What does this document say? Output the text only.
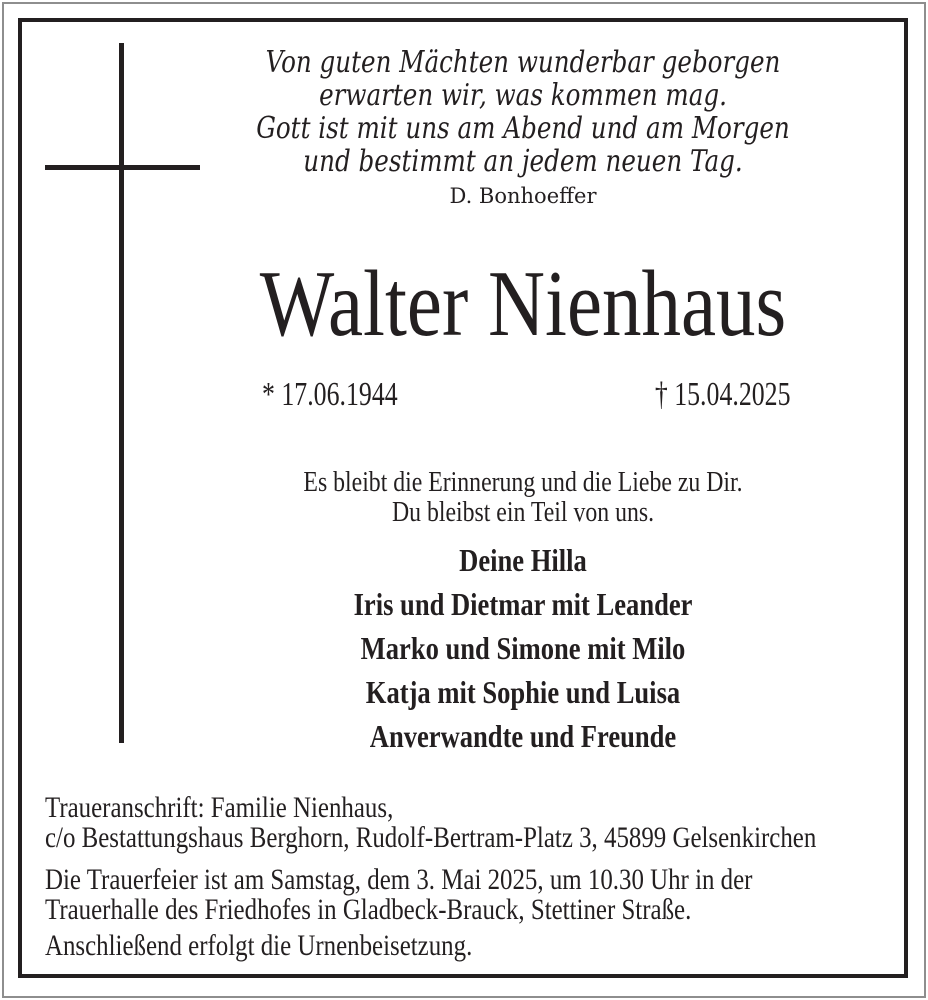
Von guten Mächten wunderbar geborgen
erwarten wir, was kommen mag.
Gott ist mit uns am Abend und am Morgen
und bestimmt an jedem neuen Tag.
D. Bonhoeffer
Walter Nienhaus
* 17.06.1944	† 15.04.2025
Es bleibt die Erinnerung und die Liebe zu Dir.
Du bleibst ein Teil von uns.
Deine Hilla
Iris und Dietmar mit Leander
Marko und Simone mit Milo
Katja mit Sophie und Luisa
Anverwandte und Freunde
Traueranschrift: Familie Nienhaus,
c/o Bestattungshaus Berghorn, Rudolf-Bertram-Platz 3, 45899 Gelsenkirchen
Die Trauerfeier ist am Samstag, dem 3. Mai 2025, um 10.30 Uhr in der
Trauerhalle des Friedhofes in Gladbeck-Brauck, Stettiner Straße.
Anschließend erfolgt die Urnenbeisetzung.
